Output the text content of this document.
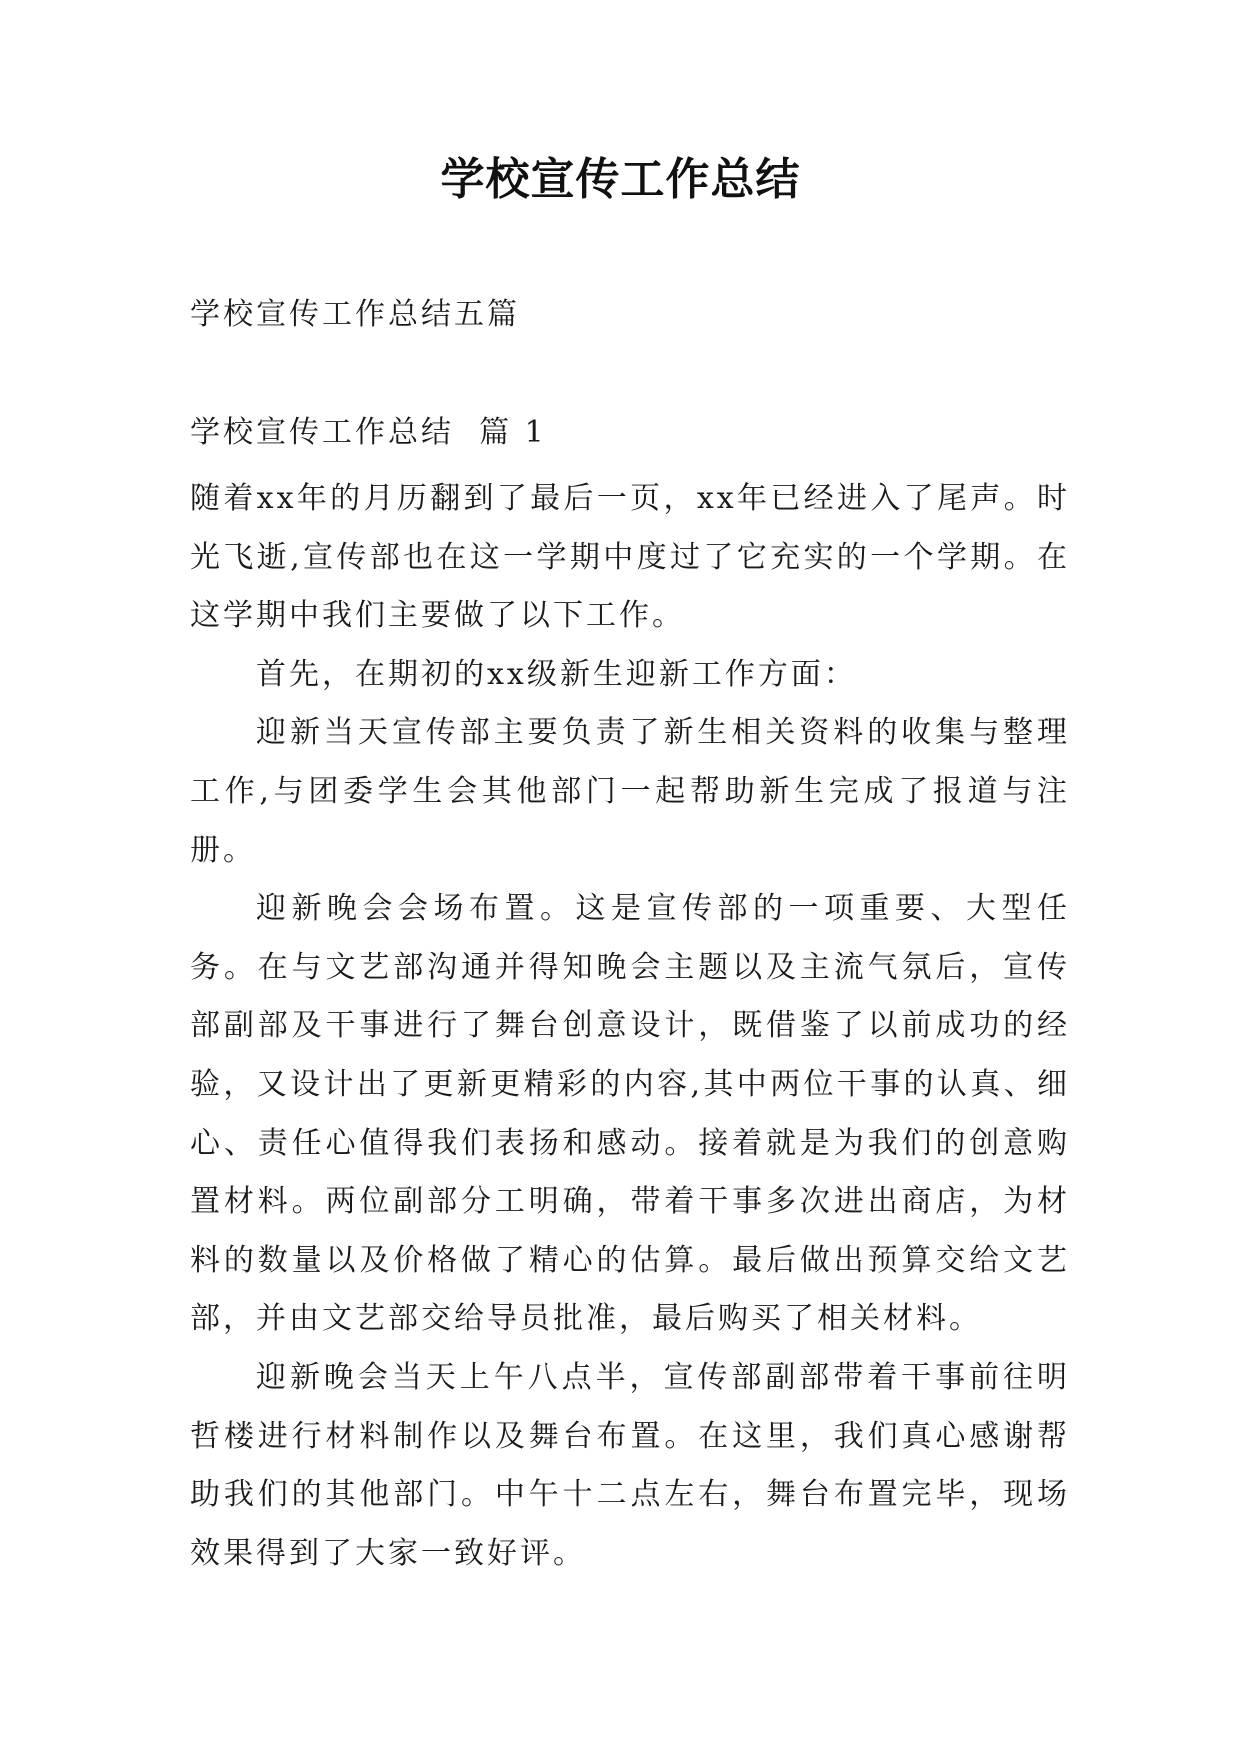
学校宣传工作总结
学校宣传工作总结五篇
学校宣传工作总结  篇 1

随着xx年的月历翻到了最后一页，xx年已经进入了尾声。时光飞逝,宣传部也在这一学期中度过了它充实的一个学期。在这学期中我们主要做了以下工作。

首先，在期初的xx级新生迎新工作方面：

迎新当天宣传部主要负责了新生相关资料的收集与整理工作,与团委学生会其他部门一起帮助新生完成了报道与注册。

迎新晚会会场布置。这是宣传部的一项重要、大型任务。在与文艺部沟通并得知晚会主题以及主流气氛后，宣传部副部及干事进行了舞台创意设计，既借鉴了以前成功的经验，又设计出了更新更精彩的内容,其中两位干事的认真、细心、责任心值得我们表扬和感动。接着就是为我们的创意购置材料。两位副部分工明确，带着干事多次进出商店，为材料的数量以及价格做了精心的估算。最后做出预算交给文艺部，并由文艺部交给导员批准，最后购买了相关材料。

迎新晚会当天上午八点半，宣传部副部带着干事前往明哲楼进行材料制作以及舞台布置。在这里，我们真心感谢帮助我们的其他部门。中午十二点左右，舞台布置完毕，现场效果得到了大家一致好评。
